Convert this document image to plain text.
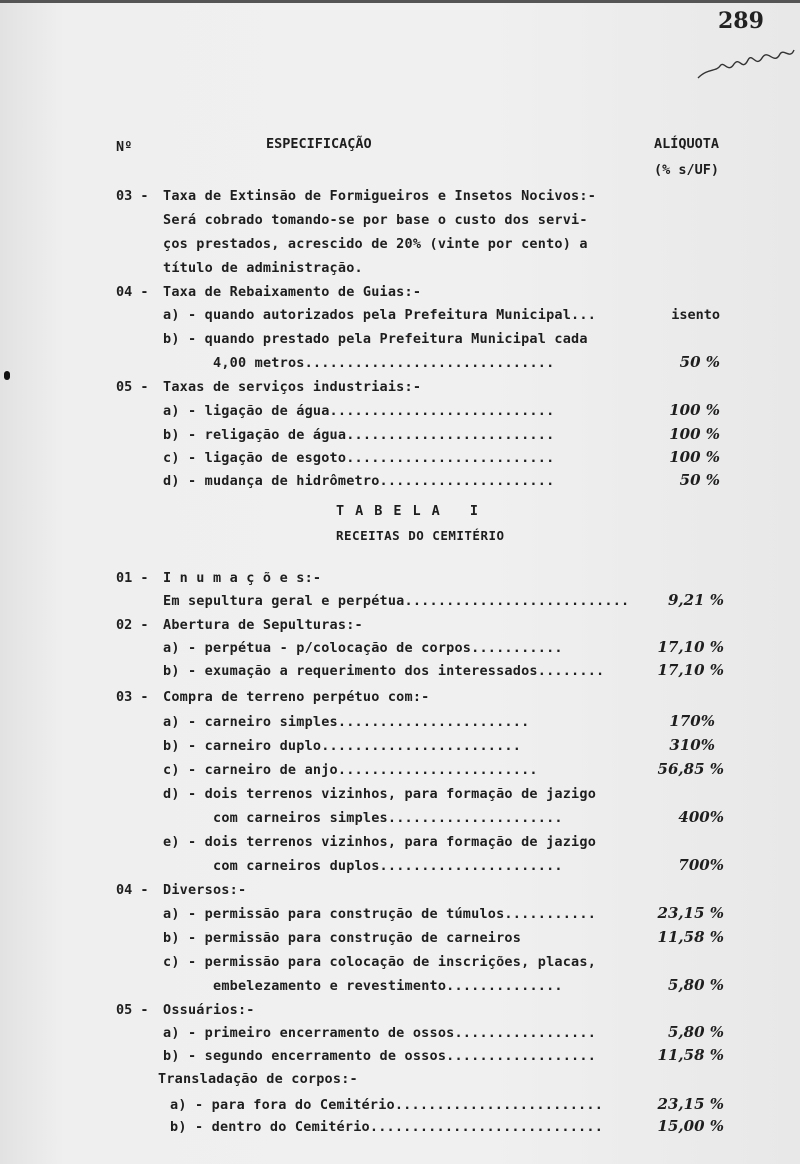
289
Nº	ESPECIFICAÇÃO	ALÍQUOTA
(% s/UF)
03 - Taxa de Extinsão de Formigueiros e Insetos Nocivos:-
Será cobrado tomando-se por base o custo dos servi-
ços prestados, acrescido de 20% (vinte por cento) a
título de administração.
04 - Taxa de Rebaixamento de Guias:-
a) - quando autorizados pela Prefeitura Municipal...	isento
b) - quando prestado pela Prefeitura Municipal cada
4,00 metros..............................	50 %
05 - Taxas de serviços industriais:-
a) - ligação de água...........................	100 %
b) - religação de água.........................	100 %
c) - ligação de esgoto.........................	100 %
d) - mudança de hidrômetro.....................	50 %
TABELA I
RECEITAS DO CEMITÉRIO
01 - I n u m a ç õ e s:-
Em sepultura geral e perpétua...........................	9,21 %
02 - Abertura de Sepulturas:-
a) - perpétua - p/colocação de corpos...........	17,10 %
b) - exumação a requerimento dos interessados........	17,10 %
03 - Compra de terreno perpétuo com:-
a) - carneiro simples.......................	170%
b) - carneiro duplo........................	310%
c) - carneiro de anjo........................	56,85 %
d) - dois terrenos vizinhos, para formação de jazigo
com carneiros simples.....................	400%
e) - dois terrenos vizinhos, para formação de jazigo
com carneiros duplos......................	700%
04 - Diversos:-
a) - permissão para construção de túmulos...........	23,15 %
b) - permissão para construção de carneiros	11,58 %
c) - permissão para colocação de inscrições, placas,
embelezamento e revestimento..............	5,80 %
05 - Ossuários:-
a) - primeiro encerramento de ossos.................	5,80 %
b) - segundo encerramento de ossos..................	11,58 %
Transladação de corpos:-
a) - para fora do Cemitério.........................	23,15 %
b) - dentro do Cemitério............................	15,00 %
